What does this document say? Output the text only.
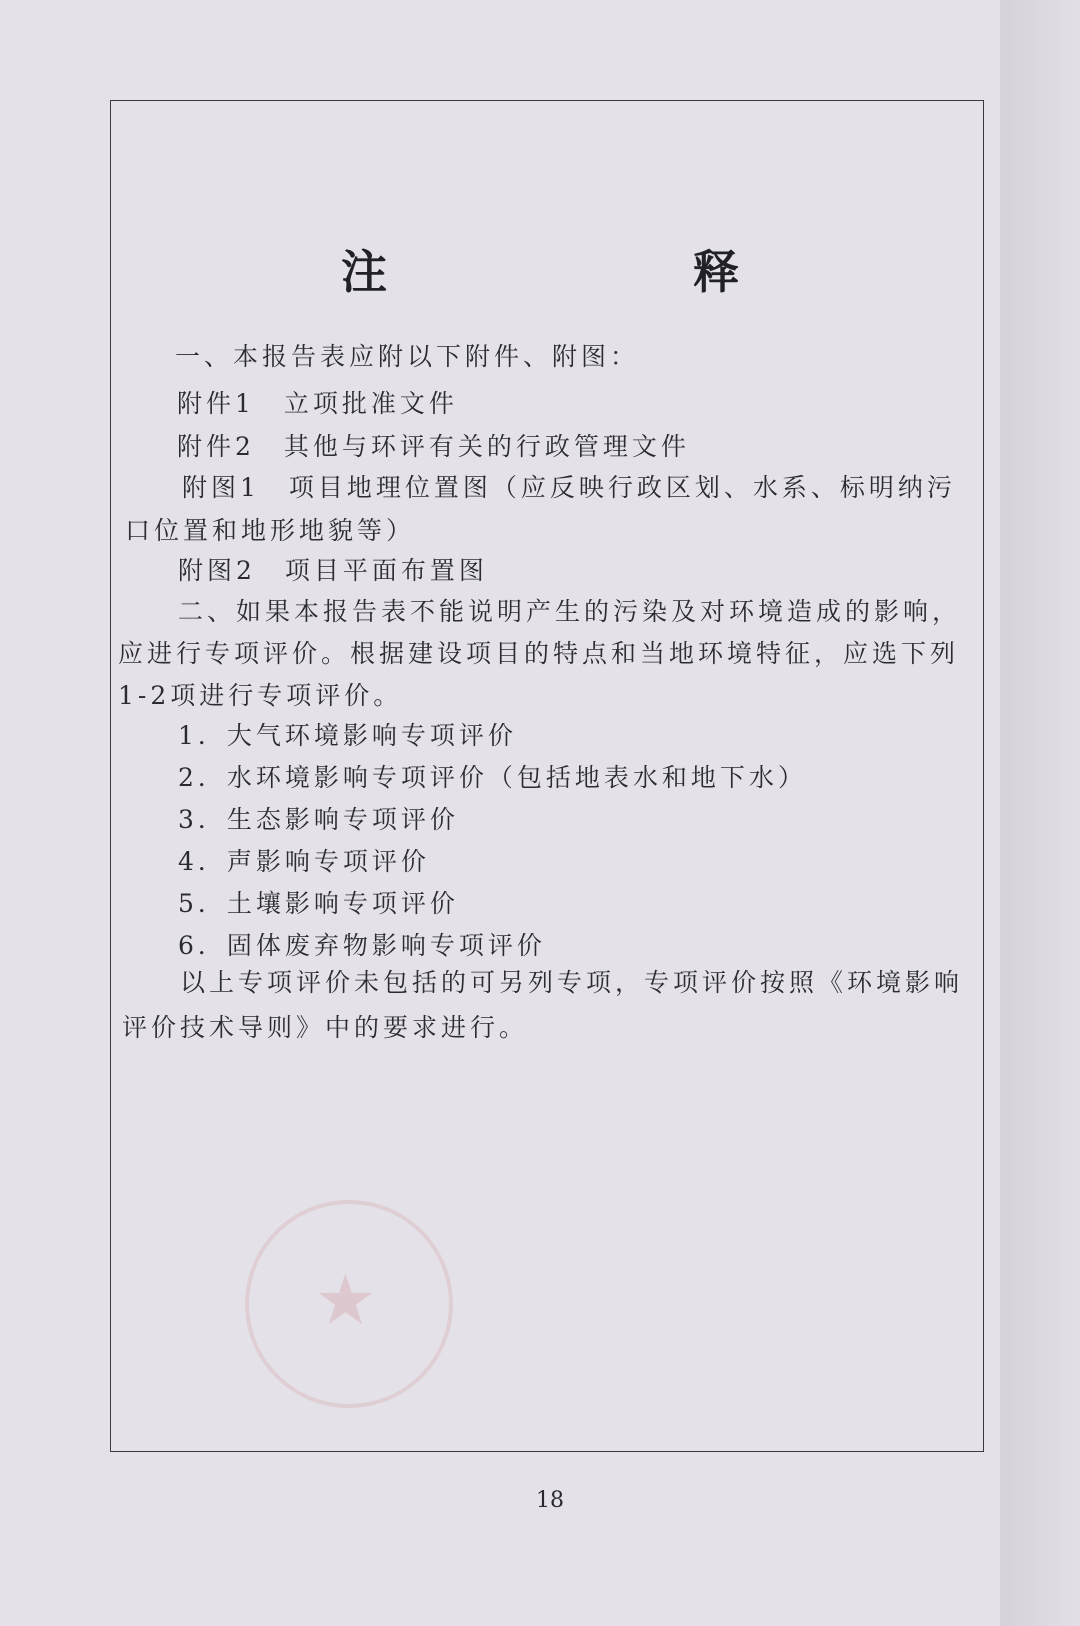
注　释
一、本报告表应附以下附件、附图：
附件1　立项批准文件
附件2　其他与环评有关的行政管理文件
附图1　项目地理位置图（应反映行政区划、水系、标明纳污
口位置和地形地貌等）
附图2　项目平面布置图
二、如果本报告表不能说明产生的污染及对环境造成的影响，
应进行专项评价。根据建设项目的特点和当地环境特征，应选下列
1-2项进行专项评价。
1．大气环境影响专项评价
2．水环境影响专项评价（包括地表水和地下水）
3．生态影响专项评价
4．声影响专项评价
5．土壤影响专项评价
6．固体废弃物影响专项评价
以上专项评价未包括的可另列专项，专项评价按照《环境影响
评价技术导则》中的要求进行。
★
18
